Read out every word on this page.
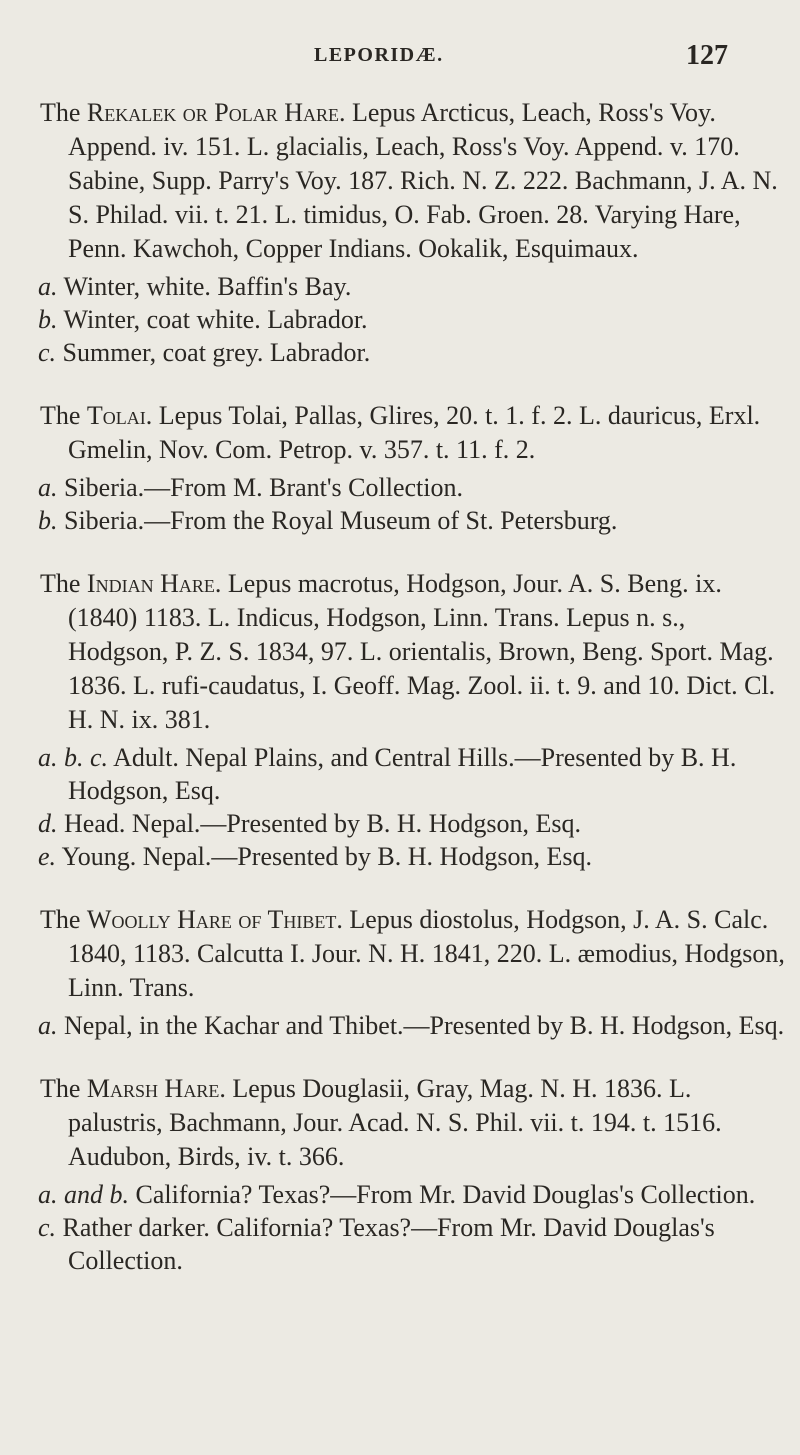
LEPORIDÆ.	127

The Rekalek or Polar Hare. Lepus Arcticus, Leach, Ross's Voy. Append. iv. 151. L. glacialis, Leach, Ross's Voy. Append. v. 170. Sabine, Supp. Parry's Voy. 187. Rich. N. Z. 222. Bachmann, J. A. N. S. Philad. vii. t. 21. L. timidus, O. Fab. Groen. 28. Varying Hare, Penn. Kawchoh, Copper Indians. Ookalik, Esquimaux.

a. Winter, white. Baffin's Bay.

b. Winter, coat white. Labrador.

c. Summer, coat grey. Labrador.

The Tolai. Lepus Tolai, Pallas, Glires, 20. t. 1. f. 2. L. dauricus, Erxl. Gmelin, Nov. Com. Petrop. v. 357. t. 11. f. 2.

a. Siberia.—From M. Brant's Collection.

b. Siberia.—From the Royal Museum of St. Petersburg.

The Indian Hare. Lepus macrotus, Hodgson, Jour. A. S. Beng. ix. (1840) 1183. L. Indicus, Hodgson, Linn. Trans. Lepus n. s., Hodgson, P. Z. S. 1834, 97. L. orientalis, Brown, Beng. Sport. Mag. 1836. L. rufi-caudatus, I. Geoff. Mag. Zool. ii. t. 9. and 10. Dict. Cl. H. N. ix. 381.

a. b. c. Adult. Nepal Plains, and Central Hills.—Presented by B. H. Hodgson, Esq.

d. Head. Nepal.—Presented by B. H. Hodgson, Esq.

e. Young. Nepal.—Presented by B. H. Hodgson, Esq.

The Woolly Hare of Thibet. Lepus diostolus, Hodgson, J. A. S. Calc. 1840, 1183. Calcutta I. Jour. N. H. 1841, 220. L. æmodius, Hodgson, Linn. Trans.

a. Nepal, in the Kachar and Thibet.—Presented by B. H. Hodgson, Esq.

The Marsh Hare. Lepus Douglasii, Gray, Mag. N. H. 1836. L. palustris, Bachmann, Jour. Acad. N. S. Phil. vii. t. 194. t. 1516. Audubon, Birds, iv. t. 366.

a. and b. California? Texas?—From Mr. David Douglas's Collection.

c. Rather darker. California? Texas?—From Mr. David Douglas's Collection.
